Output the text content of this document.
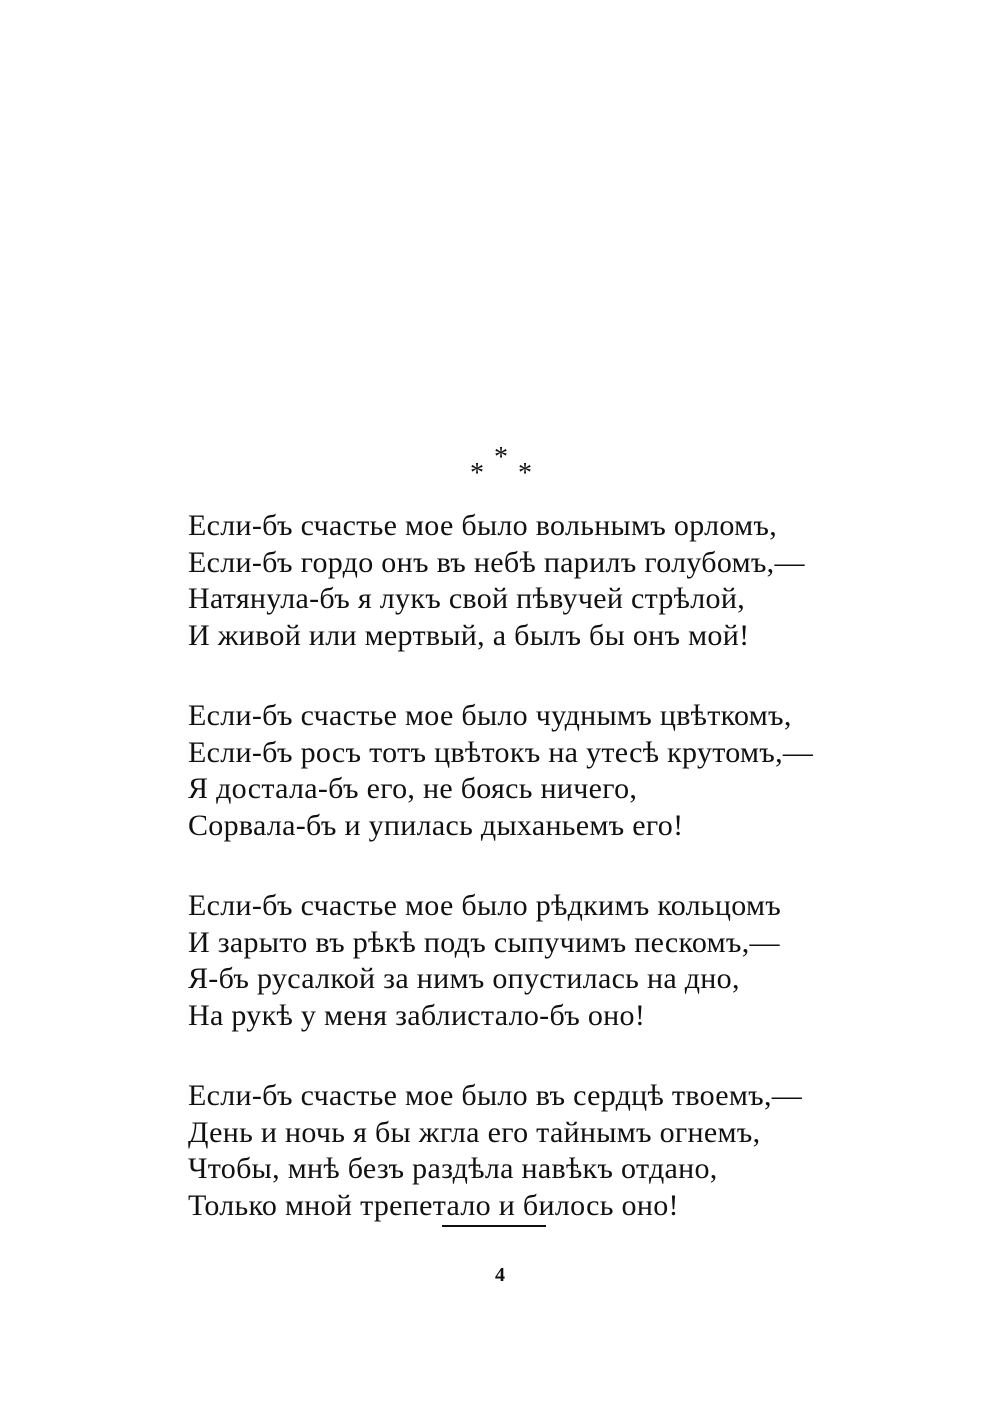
*
* *
Если-бъ счастье мое было вольнымъ орломъ,
Если-бъ гордо онъ въ небѣ парилъ голубомъ,—
Натянула-бъ я лукъ свой пѣвучей стрѣлой,
И живой или мертвый, а былъ бы онъ мой!
Если-бъ счастье мое было чуднымъ цвѣткомъ,
Если-бъ росъ тотъ цвѣтокъ на утесѣ крутомъ,—
Я достала-бъ его, не боясь ничего,
Сорвала-бъ и упилась дыханьемъ его!
Если-бъ счастье мое было рѣдкимъ кольцомъ
И зарыто въ рѣкѣ подъ сыпучимъ пескомъ,—
Я-бъ русалкой за нимъ опустилась на дно,
На рукѣ у меня заблистало-бъ оно!
Если-бъ счастье мое было въ сердцѣ твоемъ,—
День и ночь я бы жгла его тайнымъ огнемъ,
Чтобы, мнѣ безъ раздѣла навѣкъ отдано,
Только мной трепетало и билось оно!
4
